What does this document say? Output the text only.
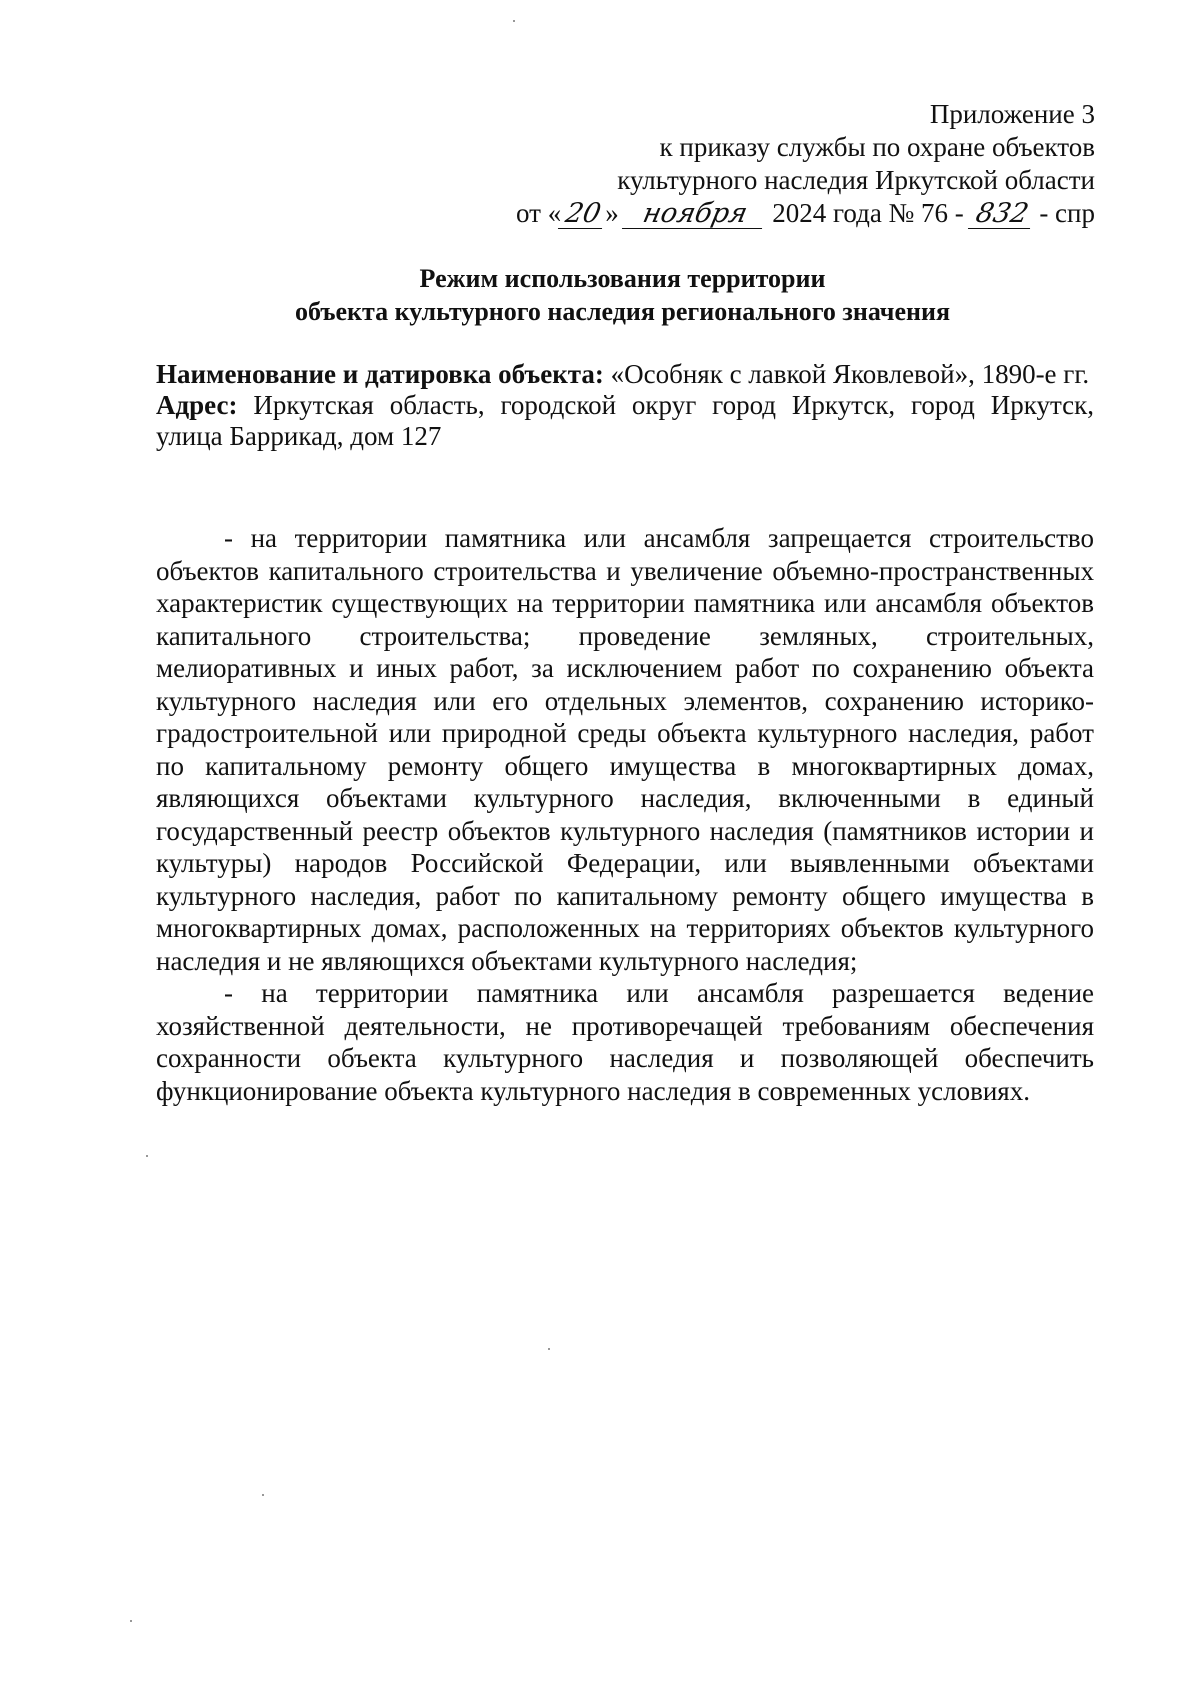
Приложение 3
к приказу службы по охране объектов
культурного наследия Иркутской области
от «20» ноября 2024 года № 76 - 832 - спр
Режим использования территории
объекта культурного наследия регионального значения

Наименование и датировка объекта: «Особняк с лавкой Яковлевой», 1890-е гг.

Адрес: Иркутская область, городской округ город Иркутск, город Иркутск, улица Баррикад, дом 127

- на территории памятника или ансамбля запрещается строительство объектов капитального строительства и увеличение объемно-пространственных характеристик существующих на территории памятника или ансамбля объектов капитального строительства; проведение земляных, строительных, мелиоративных и иных работ, за исключением работ по сохранению объекта культурного наследия или его отдельных элементов, сохранению историко-градостроительной или природной среды объекта культурного наследия, работ по капитальному ремонту общего имущества в многоквартирных домах, являющихся объектами культурного наследия, включенными в единый государственный реестр объектов культурного наследия (памятников истории и культуры) народов Российской Федерации, или выявленными объектами культурного наследия, работ по капитальному ремонту общего имущества в многоквартирных домах, расположенных на территориях объектов культурного наследия и не являющихся объектами культурного наследия;

- на территории памятника или ансамбля разрешается ведение хозяйственной деятельности, не противоречащей требованиям обеспечения сохранности объекта культурного наследия и позволяющей обеспечить функционирование объекта культурного наследия в современных условиях.
